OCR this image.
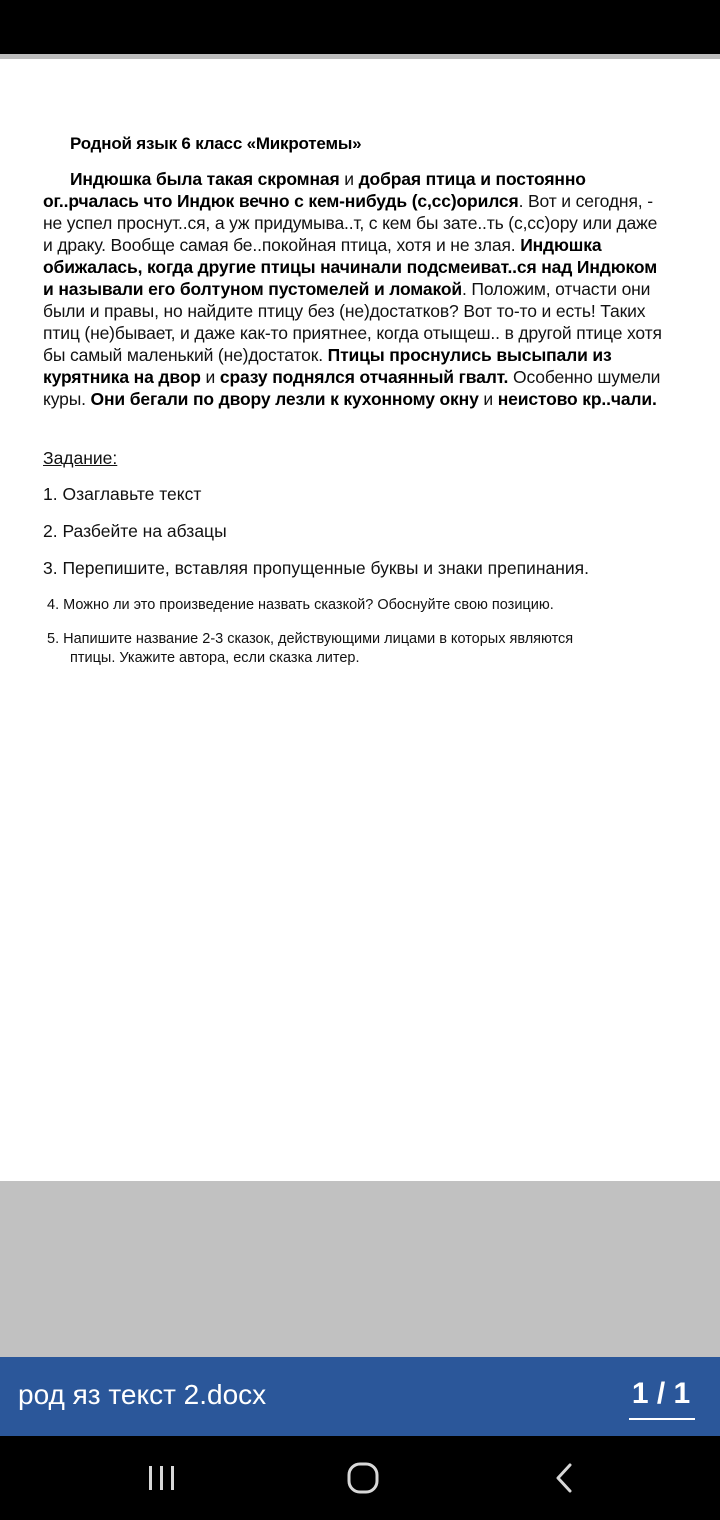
Родной язык 6 класс «Микротемы»
Индюшка была такая скромная и добрая птица и постоянно ог..рчалась что Индюк вечно с кем-нибудь (с,сс)орился. Вот и сегодня, - не успел проснут..ся, а уж придумыва..т, с кем бы зате..ть (с,сс)ору или даже и драку. Вообще самая бе..покойная птица, хотя и не злая. Индюшка обижалась, когда другие птицы начинали подсмеиват..ся над Индюком и называли его болтуном пустомелей и ломакой. Положим, отчасти они были и правы, но найдите птицу без (не)достатков? Вот то-то и есть! Таких птиц (не)бывает, и даже как-то приятнее, когда отыщеш.. в другой птице хотя бы самый маленький (не)достаток. Птицы проснулись высыпали из курятника на двор и сразу поднялся отчаянный гвалт. Особенно шумели куры. Они бегали по двору лезли к кухонному окну и неистово кр..чали.
Задание:
1. Озаглавьте текст
2. Разбейте на абзацы
3. Перепишите, вставляя пропущенные буквы и знаки препинания.
4. Можно ли это произведение назвать сказкой? Обоснуйте свою позицию.
5. Напишите название 2-3 сказок, действующими лицами в которых являются
птицы. Укажите автора, если сказка литер.
род яз текст 2.docx	1 / 1
